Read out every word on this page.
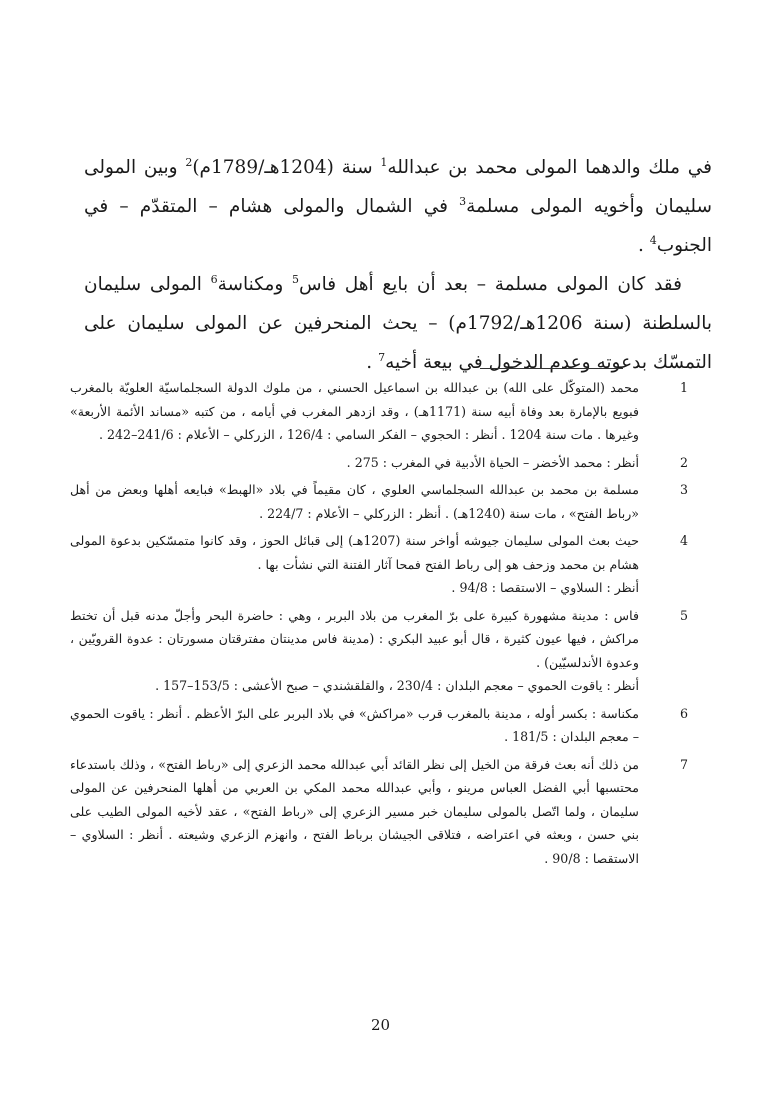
في ملك والدهما المولى محمد بن عبدالله$^1$ سنة (1204هـ/1789م)$^2$ وبين المولى سليمان وأخويه المولى مسلمة$^3$ في الشمال والمولى هشام – المتقدّم – في الجنوب$^4$ .

فقد كان المولى مسلمة – بعد أن بايع أهل فاس$^5$ ومكناسة$^6$ المولى سليمان بالسلطنة (سنة 1206هـ/1792م) – يحث المنحرفين عن المولى سليمان على التمسّك بدعوته وعدم الدخول في بيعة أخيه$^7$ .

1
محمد (المتوكّل على الله) بن عبدالله بن اسماعيل الحسني ، من ملوك الدولة السجلماسيّة العلويّة بالمغرب فبويع بالإمارة بعد وفاة أبيه سنة (1171هـ) ، وقد ازدهر المغرب في أيامه ، من كتبه «مساند الأئمة الأربعة» وغيرها . مات سنة 1204 . أنظر : الحجوي – الفكر السامي : 126/4 ، الزركلي – الأعلام : 241/6–242 .
2
أنظر : محمد الأخضر – الحياة الأدبية في المغرب : 275 .
3
مسلمة بن محمد بن عبدالله السجلماسي العلوي ، كان مقيماً في بلاد «الهبط» فبايعه أهلها وبعض من أهل «رباط الفتح» ، مات سنة (1240هـ) . أنظر : الزركلي – الأعلام : 224/7 .
4
حيث بعث المولى سليمان جيوشه أواخر سنة (1207هـ) إلى قبائل الحوز ، وقد كانوا متمسّكين بدعوة المولى هشام بن محمد وزحف هو إلى رباط الفتح فمحا آثار الفتنة التي نشأت بها .
أنظر : السلاوي – الاستقصا : 94/8 .
5
فاس : مدينة مشهورة كبيرة على برّ المغرب من بلاد البربر ، وهي : حاضرة البحر وأجلّ مدنه قبل أن تختط مراكش ، فيها عيون كثيرة ، قال أبو عبيد البكري : (مدينة فاس مدينتان مفترقتان مسورتان : عدوة القرويّين ، وعدوة الأندلسيّين) .
أنظر : ياقوت الحموي – معجم البلدان : 230/4 ، والقلقشندي – صبح الأعشى : 153/5–157 .
6
مكناسة : بكسر أوله ، مدينة بالمغرب قرب «مراكش» في بلاد البربر على البرّ الأعظم . أنظر : ياقوت الحموي – معجم البلدان : 181/5 .
7
من ذلك أنه بعث فرقة من الخيل إلى نظر القائد أبي عبدالله محمد الزعري إلى «رباط الفتح» ، وذلك باستدعاء محتسبها أبي الفضل العباس مرينو ، وأبي عبدالله محمد المكي بن العربي من أهلها المنحرفين عن المولى سليمان ، ولما اتّصل بالمولى سليمان خبر مسير الزعري إلى «رباط الفتح» ، عقد لأخيه المولى الطيب على بني حسن ، وبعثه في اعتراضه ، فتلاقى الجيشان برباط الفتح ، وانهزم الزعري وشيعته . أنظر : السلاوي – الاستقصا : 90/8 .
20
